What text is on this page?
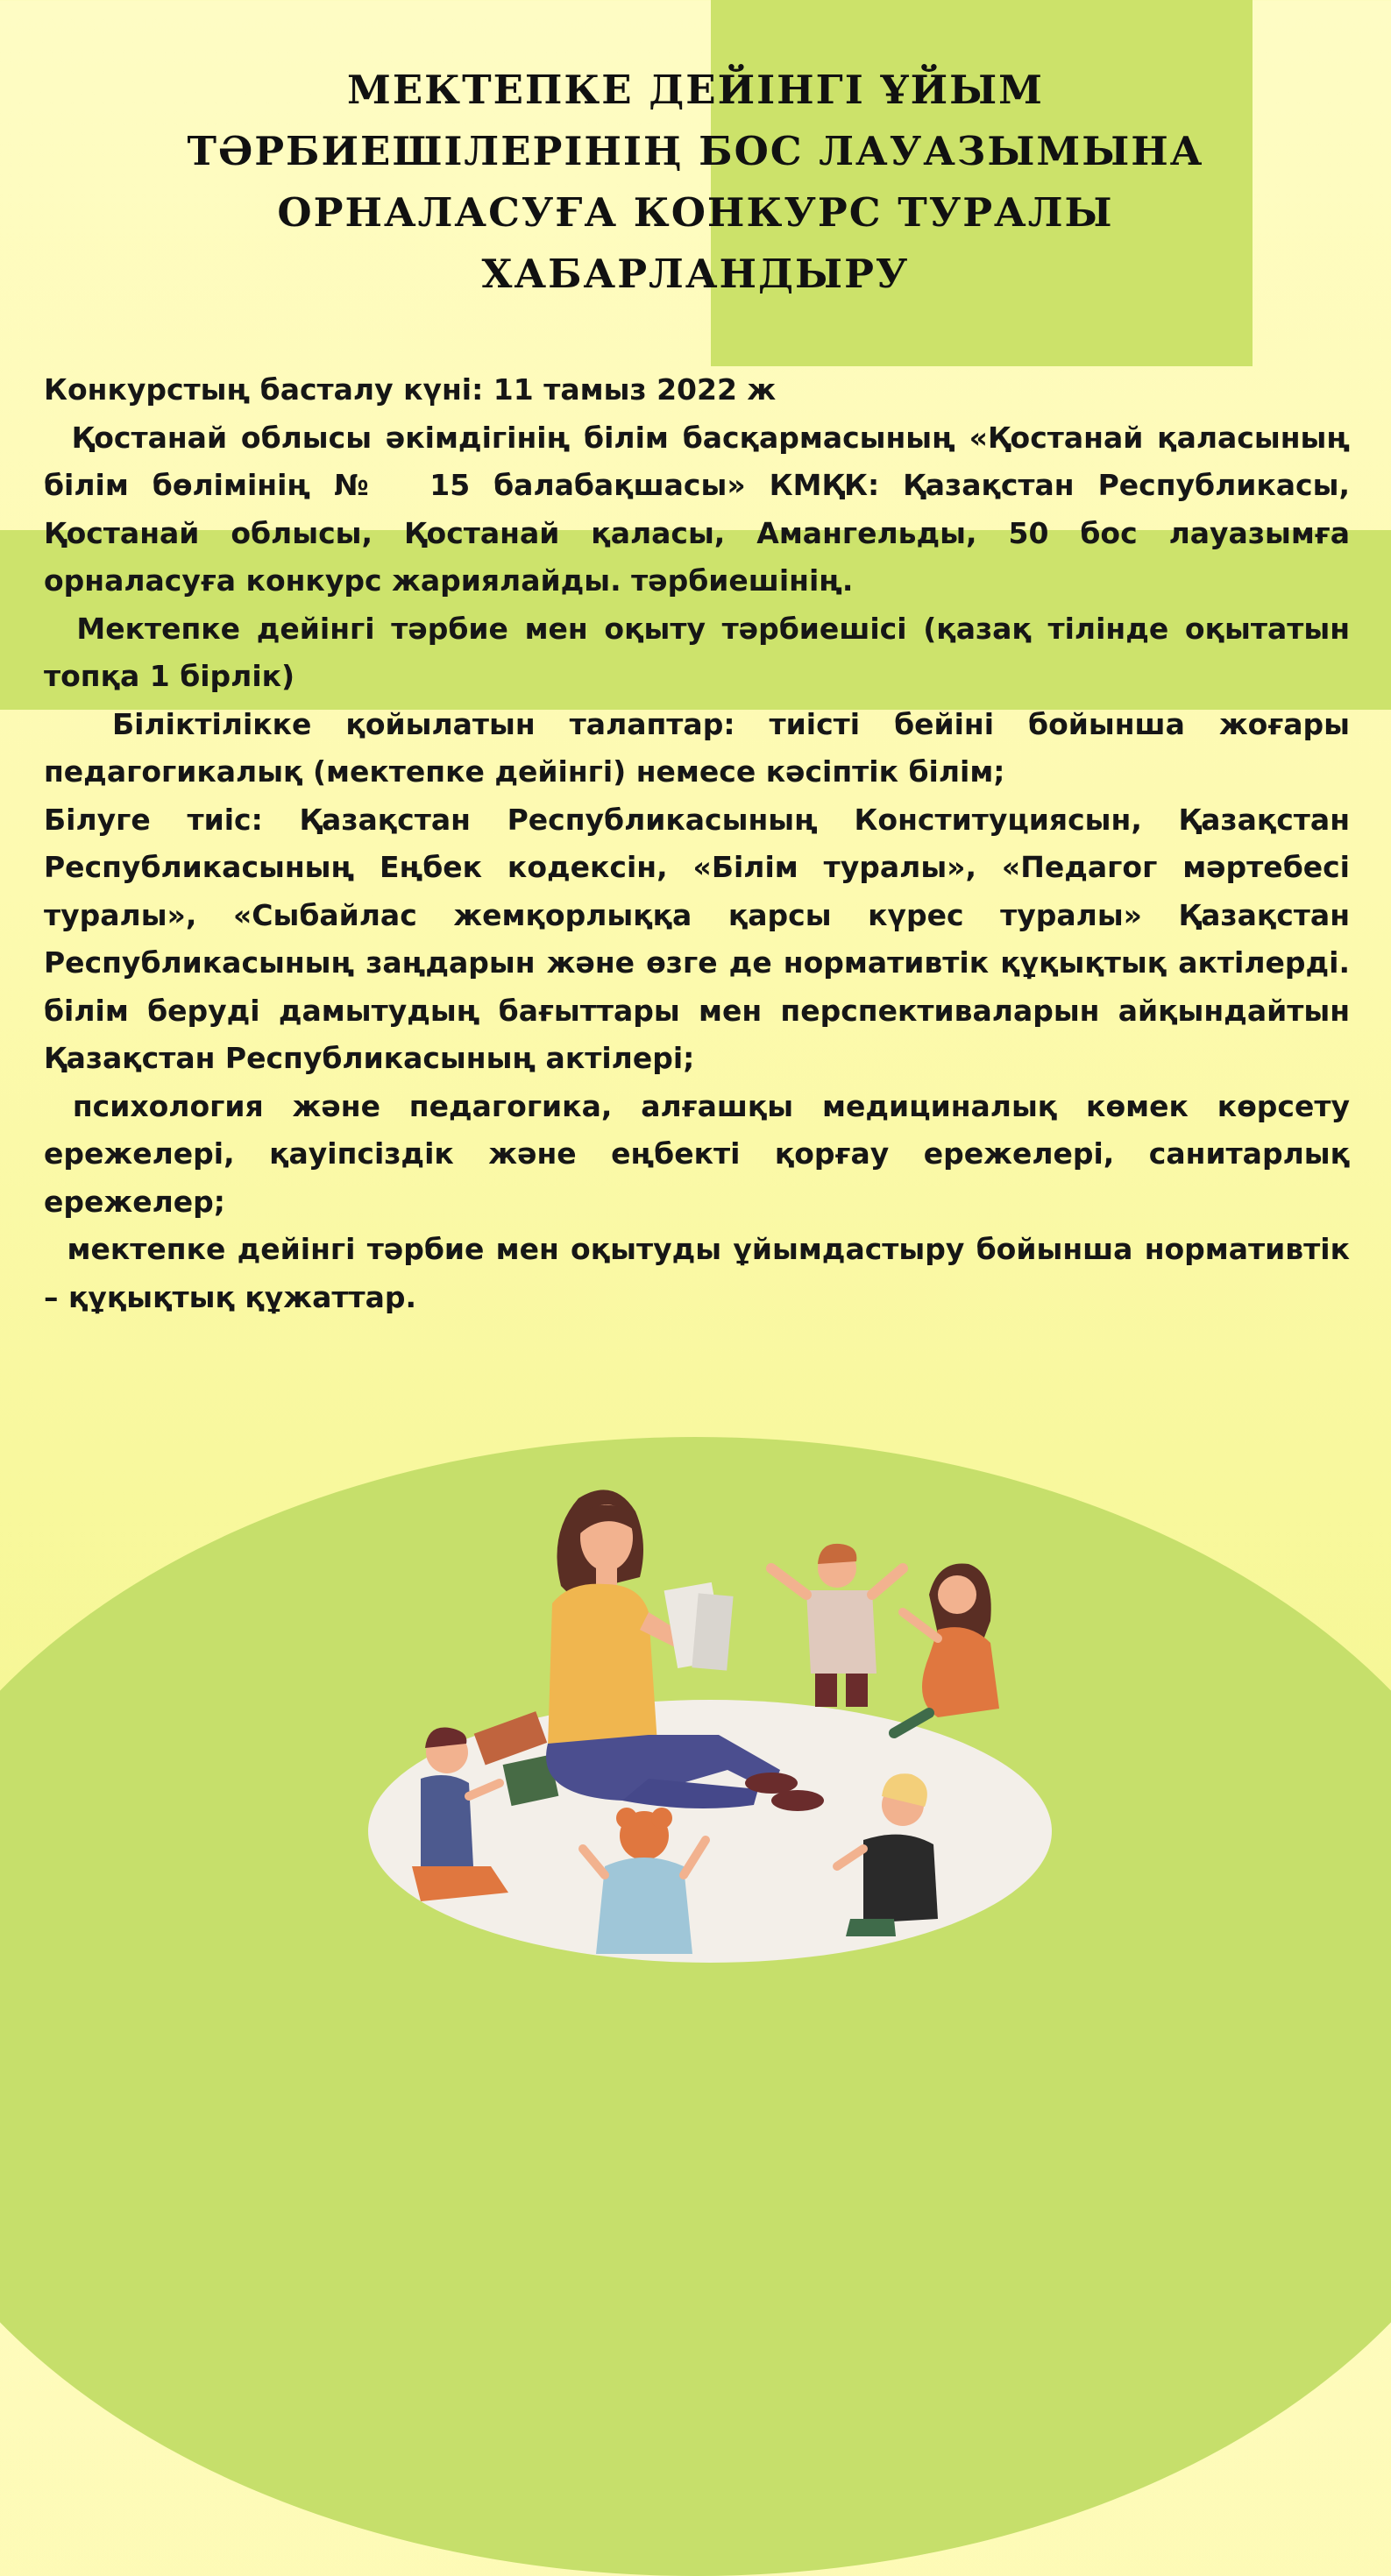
МЕКТЕПКЕ ДЕЙІНГІ ҰЙЫМ
ТӘРБИЕШІЛЕРІНІҢ БОС ЛАУАЗЫМЫНА
ОРНАЛАСУҒА КОНКУРС ТУРАЛЫ
ХАБАРЛАНДЫРУ

Конкурстың басталу күні: 11 тамыз 2022 ж

Қостанай облысы әкімдігінің білім басқармасының «Қостанай қаласының білім бөлімінің №  15 балабақшасы» КМҚК: Қазақстан Республикасы, Қостанай облысы, Қостанай қаласы, Амангельды, 50 бос лауазымға орналасуға конкурс жариялайды. тәрбиешінің.

Мектепке дейінгі тәрбие мен оқыту тәрбиешісі (қазақ тілінде оқытатын топқа 1 бірлік)

Біліктілікке қойылатын талаптар: тиісті бейіні бойынша жоғары педагогикалық (мектепке дейінгі) немесе кәсіптік білім;

Білуге тиіс: Қазақстан Республикасының Конституциясын, Қазақстан Республикасының Еңбек кодексін, «Білім туралы», «Педагог мәртебесі туралы», «Сыбайлас жемқорлыққа қарсы күрес туралы» Қазақстан Республикасының заңдарын және өзге де нормативтік құқықтық актілерді. білім беруді дамытудың бағыттары мен перспективаларын айқындайтын Қазақстан Республикасының актілері;

психология және педагогика, алғашқы медициналық көмек көрсету ережелері, қауіпсіздік және еңбекті қорғау ережелері, санитарлық ережелер;

мектепке дейінгі тәрбие мен оқытуды ұйымдастыру бойынша нормативтік – құқықтық құжаттар.
